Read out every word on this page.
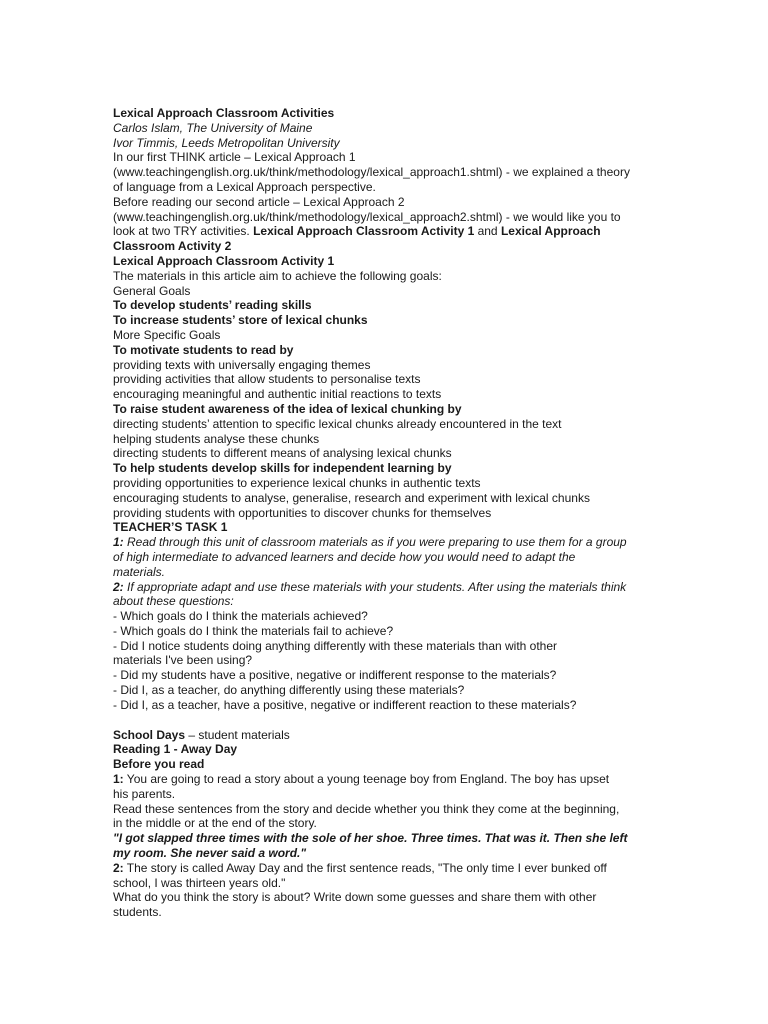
Lexical Approach Classroom Activities
Carlos Islam, The University of Maine
Ivor Timmis, Leeds Metropolitan University
In our first THINK article – Lexical Approach 1
(www.teachingenglish.org.uk/think/methodology/lexical_approach1.shtml) - we explained a theory
of language from a Lexical Approach perspective.
Before reading our second article – Lexical Approach 2
(www.teachingenglish.org.uk/think/methodology/lexical_approach2.shtml) - we would like you to
look at two TRY activities. Lexical Approach Classroom Activity 1 and Lexical Approach
Classroom Activity 2
Lexical Approach Classroom Activity 1
The materials in this article aim to achieve the following goals:
General Goals
To develop students’ reading skills
To increase students’ store of lexical chunks
More Specific Goals
To motivate students to read by
providing texts with universally engaging themes
providing activities that allow students to personalise texts
encouraging meaningful and authentic initial reactions to texts
To raise student awareness of the idea of lexical chunking by
directing students’ attention to specific lexical chunks already encountered in the text
helping students analyse these chunks
directing students to different means of analysing lexical chunks
To help students develop skills for independent learning by
providing opportunities to experience lexical chunks in authentic texts
encouraging students to analyse, generalise, research and experiment with lexical chunks
providing students with opportunities to discover chunks for themselves
TEACHER’S TASK 1
1: Read through this unit of classroom materials as if you were preparing to use them for a group
of high intermediate to advanced learners and decide how you would need to adapt the
materials.
2: If appropriate adapt and use these materials with your students. After using the materials think
about these questions:
- Which goals do I think the materials achieved?
- Which goals do I think the materials fail to achieve?
- Did I notice students doing anything differently with these materials than with other
materials I've been using?
- Did my students have a positive, negative or indifferent response to the materials?
- Did I, as a teacher, do anything differently using these materials?
- Did I, as a teacher, have a positive, negative or indifferent reaction to these materials?
School Days – student materials
Reading 1 - Away Day
Before you read
1: You are going to read a story about a young teenage boy from England. The boy has upset
his parents.
Read these sentences from the story and decide whether you think they come at the beginning,
in the middle or at the end of the story.
"I got slapped three times with the sole of her shoe. Three times. That was it. Then she left
my room. She never said a word."
2: The story is called Away Day and the first sentence reads, "The only time I ever bunked off
school, I was thirteen years old."
What do you think the story is about? Write down some guesses and share them with other
students.
